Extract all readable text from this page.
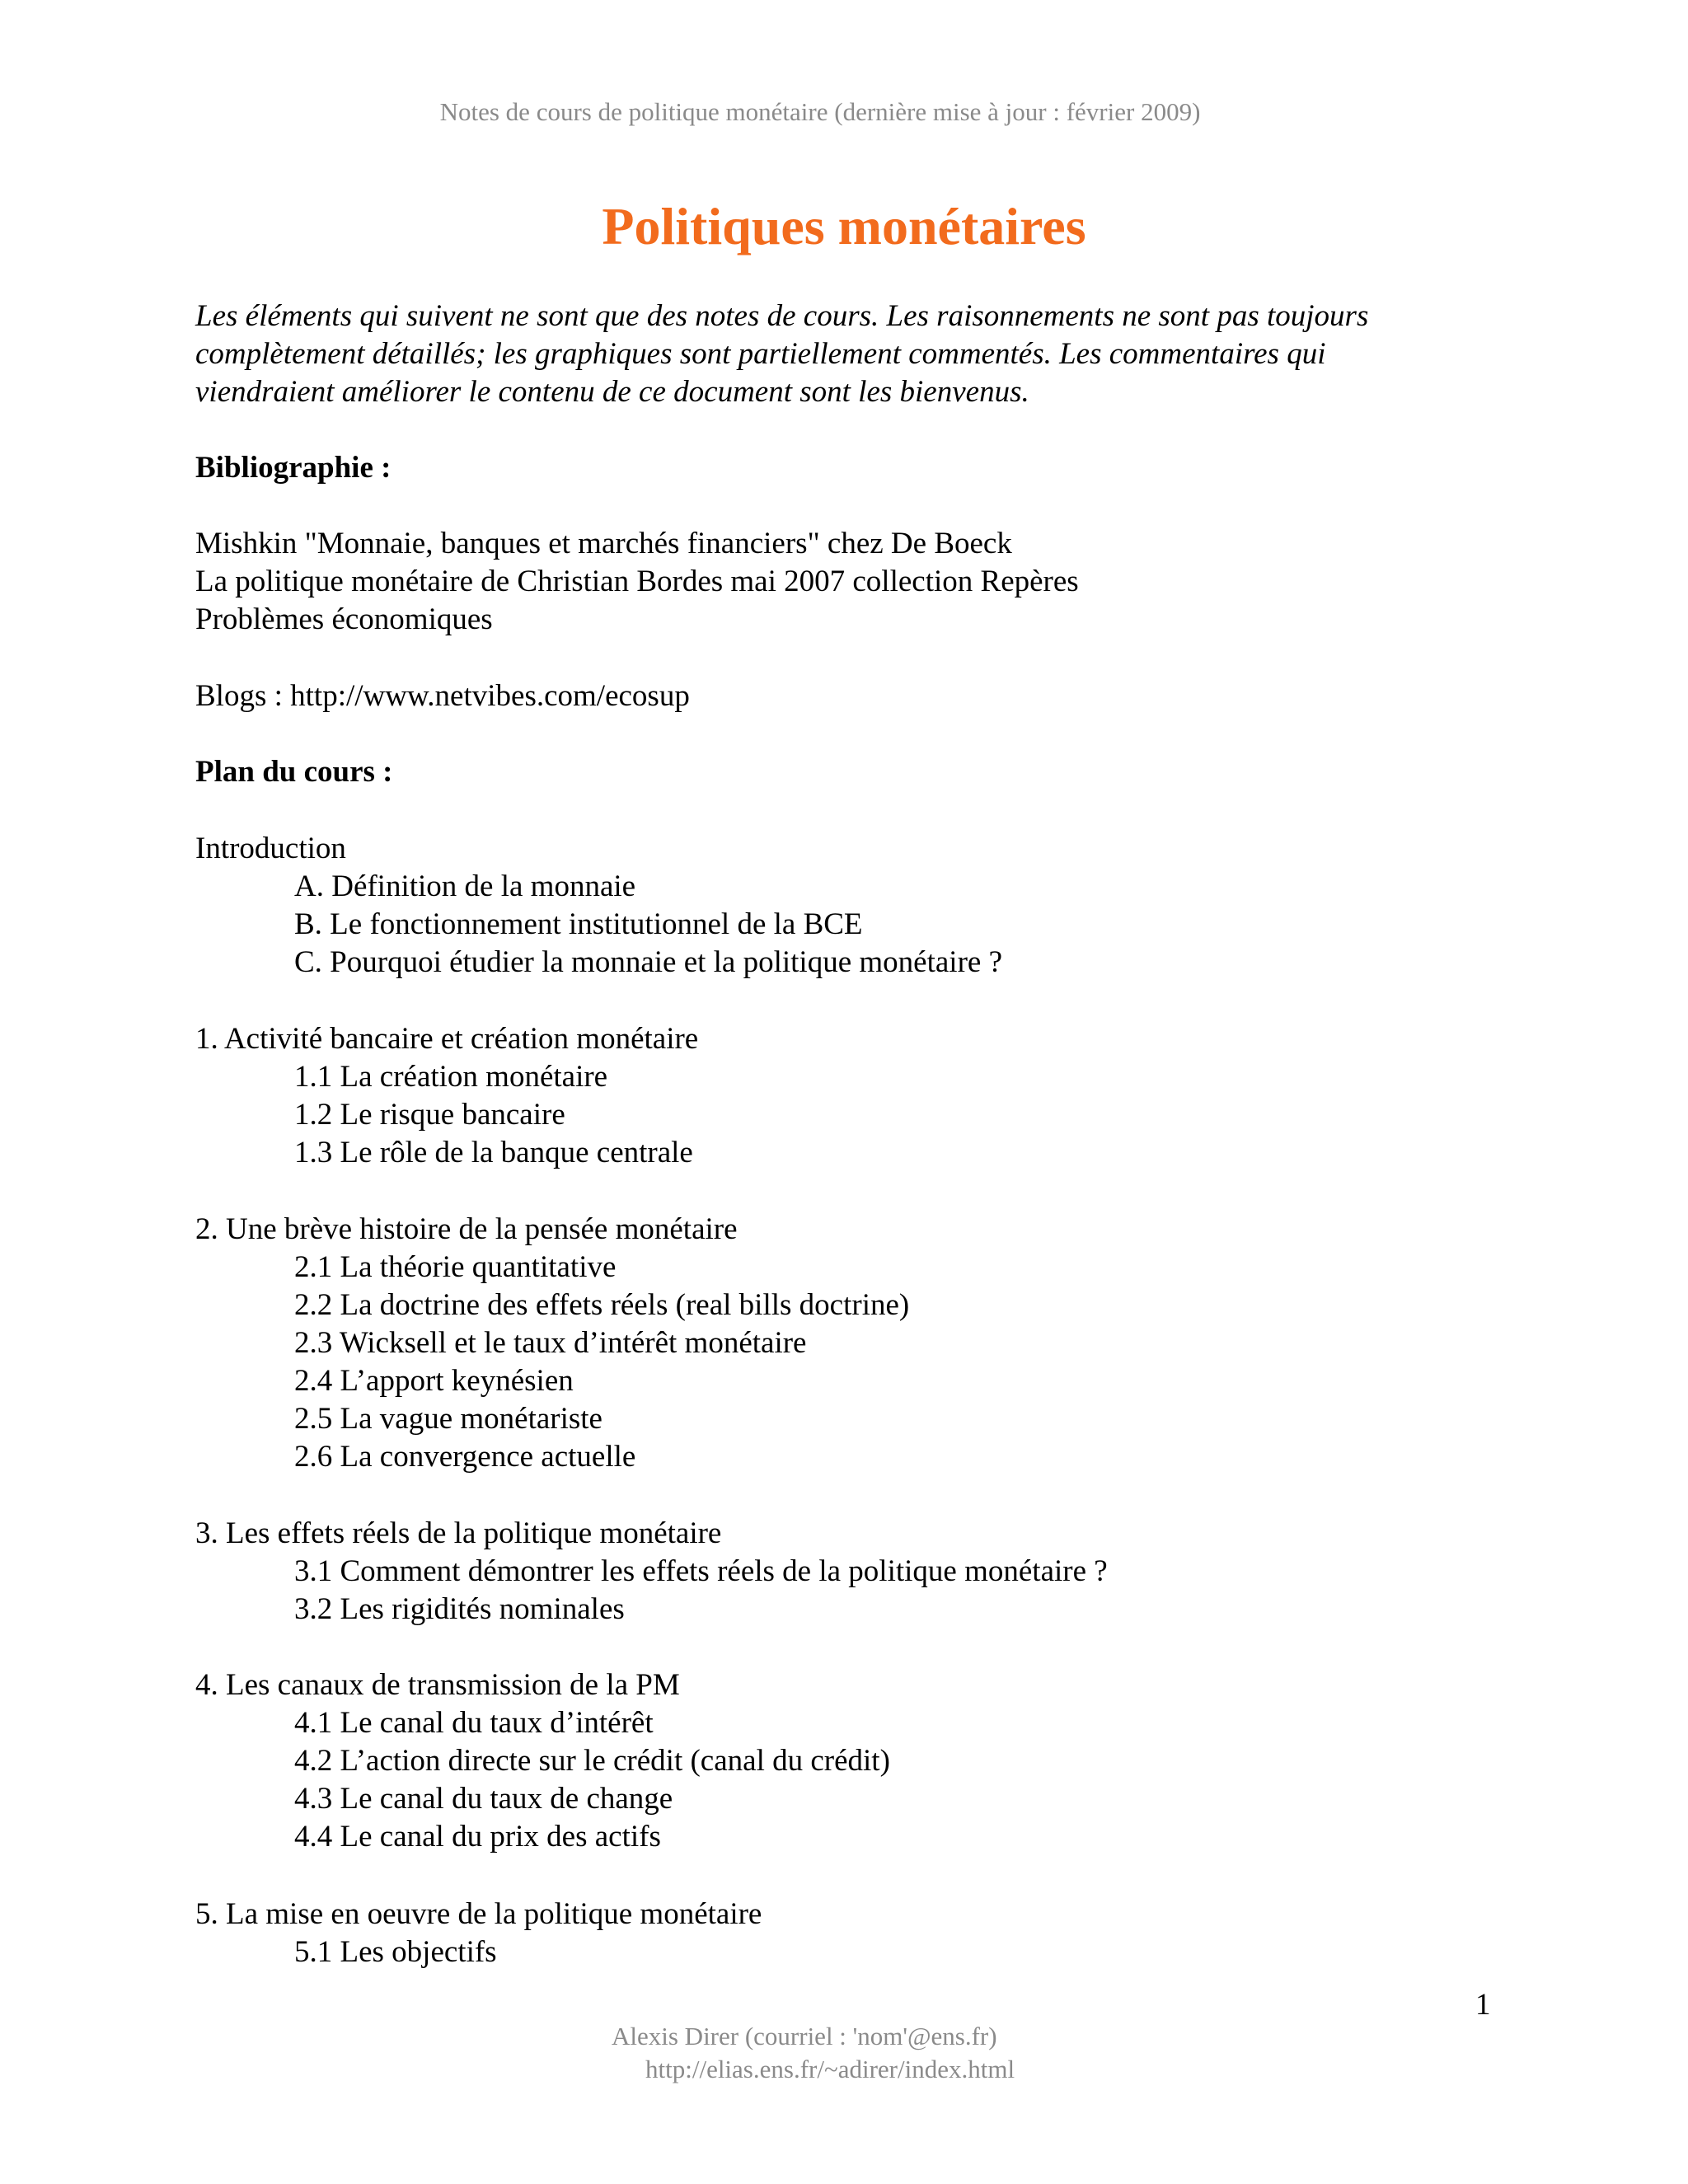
Notes de cours de politique monétaire (dernière mise à jour : février 2009)
Politiques monétaires

Les éléments qui suivent ne sont que des notes de cours. Les raisonnements ne sont pas toujours

complètement détaillés; les graphiques sont partiellement commentés. Les commentaires qui

viendraient améliorer le contenu de ce document sont les bienvenus.

Bibliographie :

Mishkin "Monnaie, banques et marchés financiers" chez De Boeck

La politique monétaire de Christian Bordes mai 2007 collection Repères

Problèmes économiques

Blogs : http://www.netvibes.com/ecosup

Plan du cours :

Introduction

A. Définition de la monnaie

B. Le fonctionnement institutionnel de la BCE

C. Pourquoi étudier la monnaie et la politique monétaire ?

1. Activité bancaire et création monétaire

1.1 La création monétaire

1.2 Le risque bancaire

1.3 Le rôle de la banque centrale

2. Une brève histoire de la pensée monétaire

2.1 La théorie quantitative

2.2 La doctrine des effets réels (real bills doctrine)

2.3 Wicksell et le taux d’intérêt monétaire

2.4 L’apport keynésien

2.5 La vague monétariste

2.6 La convergence actuelle

3. Les effets réels de la politique monétaire

3.1 Comment démontrer les effets réels de la politique monétaire ?

3.2 Les rigidités nominales

4. Les canaux de transmission de la PM

4.1 Le canal du taux d’intérêt

4.2 L’action directe sur le crédit (canal du crédit)

4.3 Le canal du taux de change

4.4 Le canal du prix des actifs

5. La mise en oeuvre de la politique monétaire

5.1 Les objectifs

Alexis Direr (courriel : 'nom'@ens.fr)
http://elias.ens.fr/~adirer/index.html
1
